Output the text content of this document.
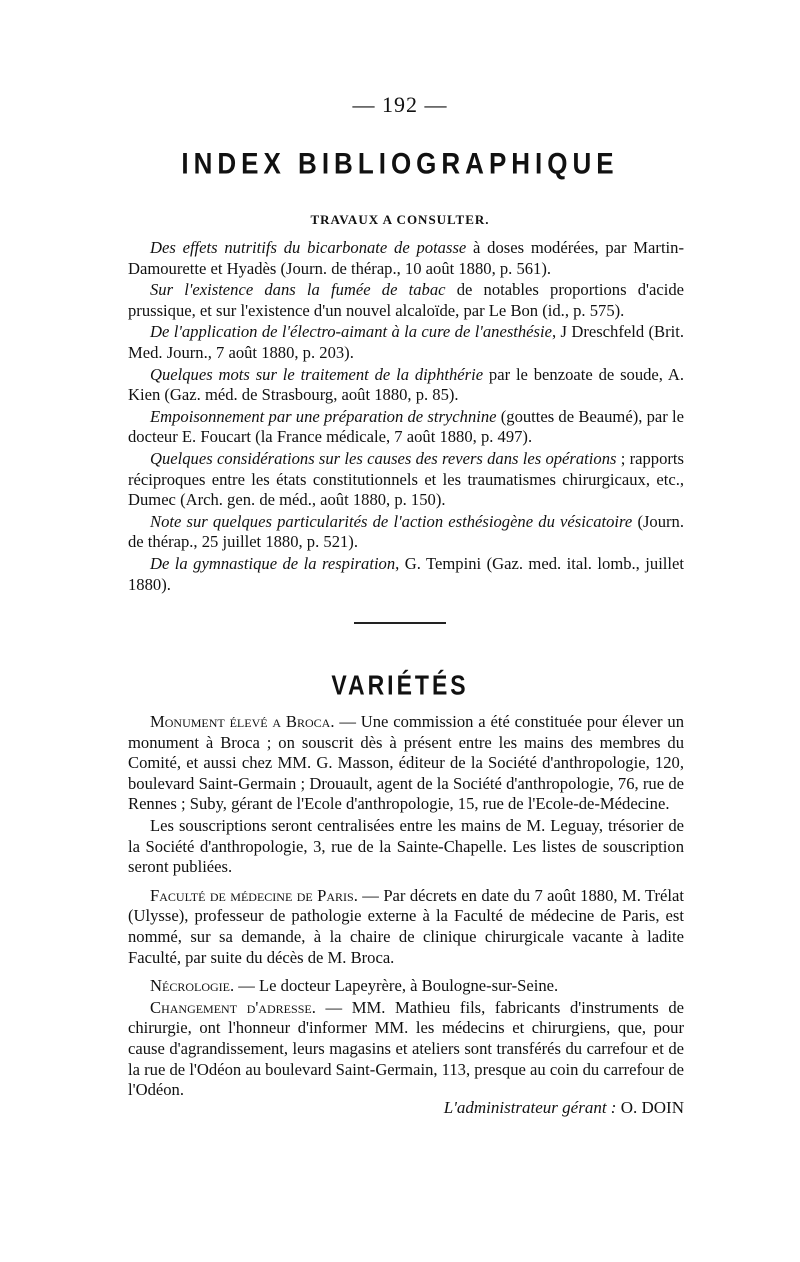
— 192 —
INDEX BIBLIOGRAPHIQUE
TRAVAUX A CONSULTER.

Des effets nutritifs du bicarbonate de potasse à doses modérées, par Martin-Damourette et Hyadès (Journ. de thérap., 10 août 1880, p. 561).

Sur l'existence dans la fumée de tabac de notables proportions d'acide prussique, et sur l'existence d'un nouvel alcaloïde, par Le Bon (id., p. 575).

De l'application de l'électro-aimant à la cure de l'anesthésie, J Dreschfeld (Brit. Med. Journ., 7 août 1880, p. 203).

Quelques mots sur le traitement de la diphthérie par le benzoate de soude, A. Kien (Gaz. méd. de Strasbourg, août 1880, p. 85).

Empoisonnement par une préparation de strychnine (gouttes de Beaumé), par le docteur E. Foucart (la France médicale, 7 août 1880, p. 497).

Quelques considérations sur les causes des revers dans les opérations ; rapports réciproques entre les états constitutionnels et les traumatismes chirurgicaux, etc., Dumec (Arch. gen. de méd., août 1880, p. 150).

Note sur quelques particularités de l'action esthésiogène du vésicatoire (Journ. de thérap., 25 juillet 1880, p. 521).

De la gymnastique de la respiration, G. Tempini (Gaz. med. ital. lomb., juillet 1880).

VARIÉTÉS

Monument élevé a Broca. — Une commission a été constituée pour élever un monument à Broca ; on souscrit dès à présent entre les mains des membres du Comité, et aussi chez MM. G. Masson, éditeur de la Société d'anthropologie, 120, boulevard Saint-Germain ; Drouault, agent de la Société d'anthropologie, 76, rue de Rennes ; Suby, gérant de l'Ecole d'anthropologie, 15, rue de l'Ecole-de-Médecine.

Les souscriptions seront centralisées entre les mains de M. Leguay, trésorier de la Société d'anthropologie, 3, rue de la Sainte-Chapelle. Les listes de souscription seront publiées.

Faculté de médecine de Paris. — Par décrets en date du 7 août 1880, M. Trélat (Ulysse), professeur de pathologie externe à la Faculté de médecine de Paris, est nommé, sur sa demande, à la chaire de clinique chirurgicale vacante à ladite Faculté, par suite du décès de M. Broca.

Nécrologie. — Le docteur Lapeyrère, à Boulogne-sur-Seine.

Changement d'adresse. — MM. Mathieu fils, fabricants d'instruments de chirurgie, ont l'honneur d'informer MM. les médecins et chirurgiens, que, pour cause d'agrandissement, leurs magasins et ateliers sont transférés du carrefour et de la rue de l'Odéon au boulevard Saint-Germain, 113, presque au coin du carrefour de l'Odéon.

L'administrateur gérant : O. DOIN
